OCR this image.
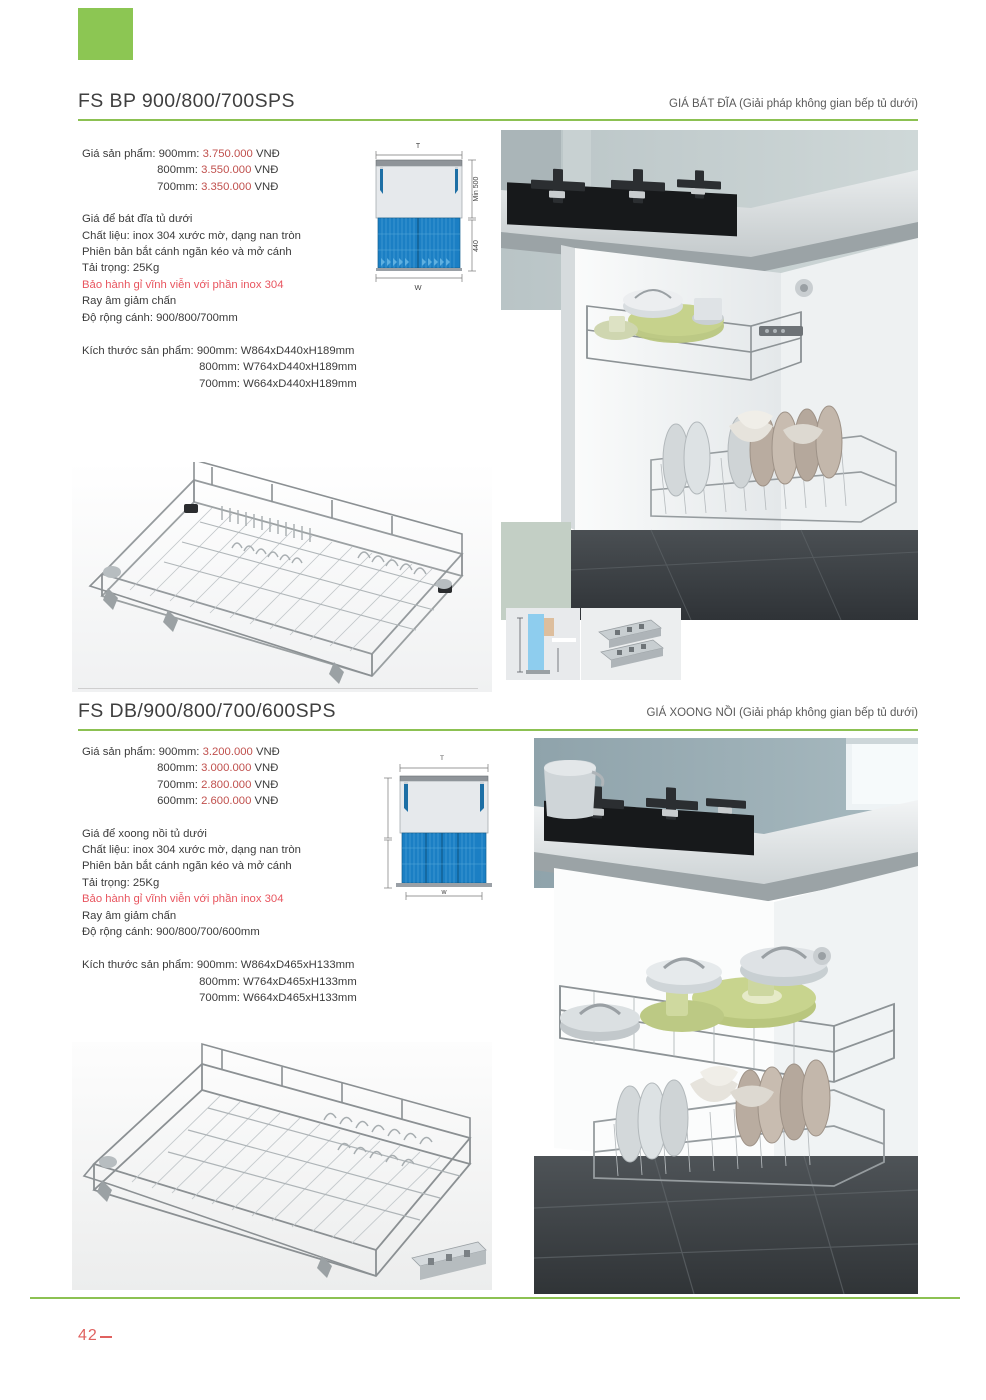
FS BP 900/800/700SPS	GIÁ BÁT ĐĨA (Giải pháp không gian bếp tủ dưới)
Giá sản phẩm: 900mm: 3.750.000 VNĐ
800mm: 3.550.000 VNĐ
700mm: 3.350.000 VNĐ
Giá để bát đĩa tủ dưới
Chất liệu: inox 304 xước mờ, dạng nan tròn
Phiên bản bắt cánh ngăn kéo và mở cánh
Tải trọng: 25Kg
Bảo hành gỉ vĩnh viễn với phần inox 304
Ray âm giảm chấn
Độ rộng cánh: 900/800/700mm
Kích thước sản phẩm: 900mm: W864xD440xH189mm
800mm: W764xD440xH189mm
700mm: W664xD440xH189mm
T
W
Min 500
440
FS DB/900/800/700/600SPS	GIÁ XOONG NỒI (Giải pháp không gian bếp tủ dưới)
Giá sản phẩm: 900mm: 3.200.000 VNĐ
800mm: 3.000.000 VNĐ
700mm: 2.800.000 VNĐ
600mm: 2.600.000 VNĐ
Giá để xoong nồi tủ dưới
Chất liệu: inox 304 xước mờ, dạng nan tròn
Phiên bản bắt cánh ngăn kéo và mở cánh
Tải trọng: 25Kg
Bảo hành gỉ vĩnh viễn với phần inox 304
Ray âm giảm chấn
Độ rộng cánh: 900/800/700/600mm
Kích thước sản phẩm: 900mm: W864xD465xH133mm
800mm: W764xD465xH133mm
700mm: W664xD465xH133mm
T
w
42
